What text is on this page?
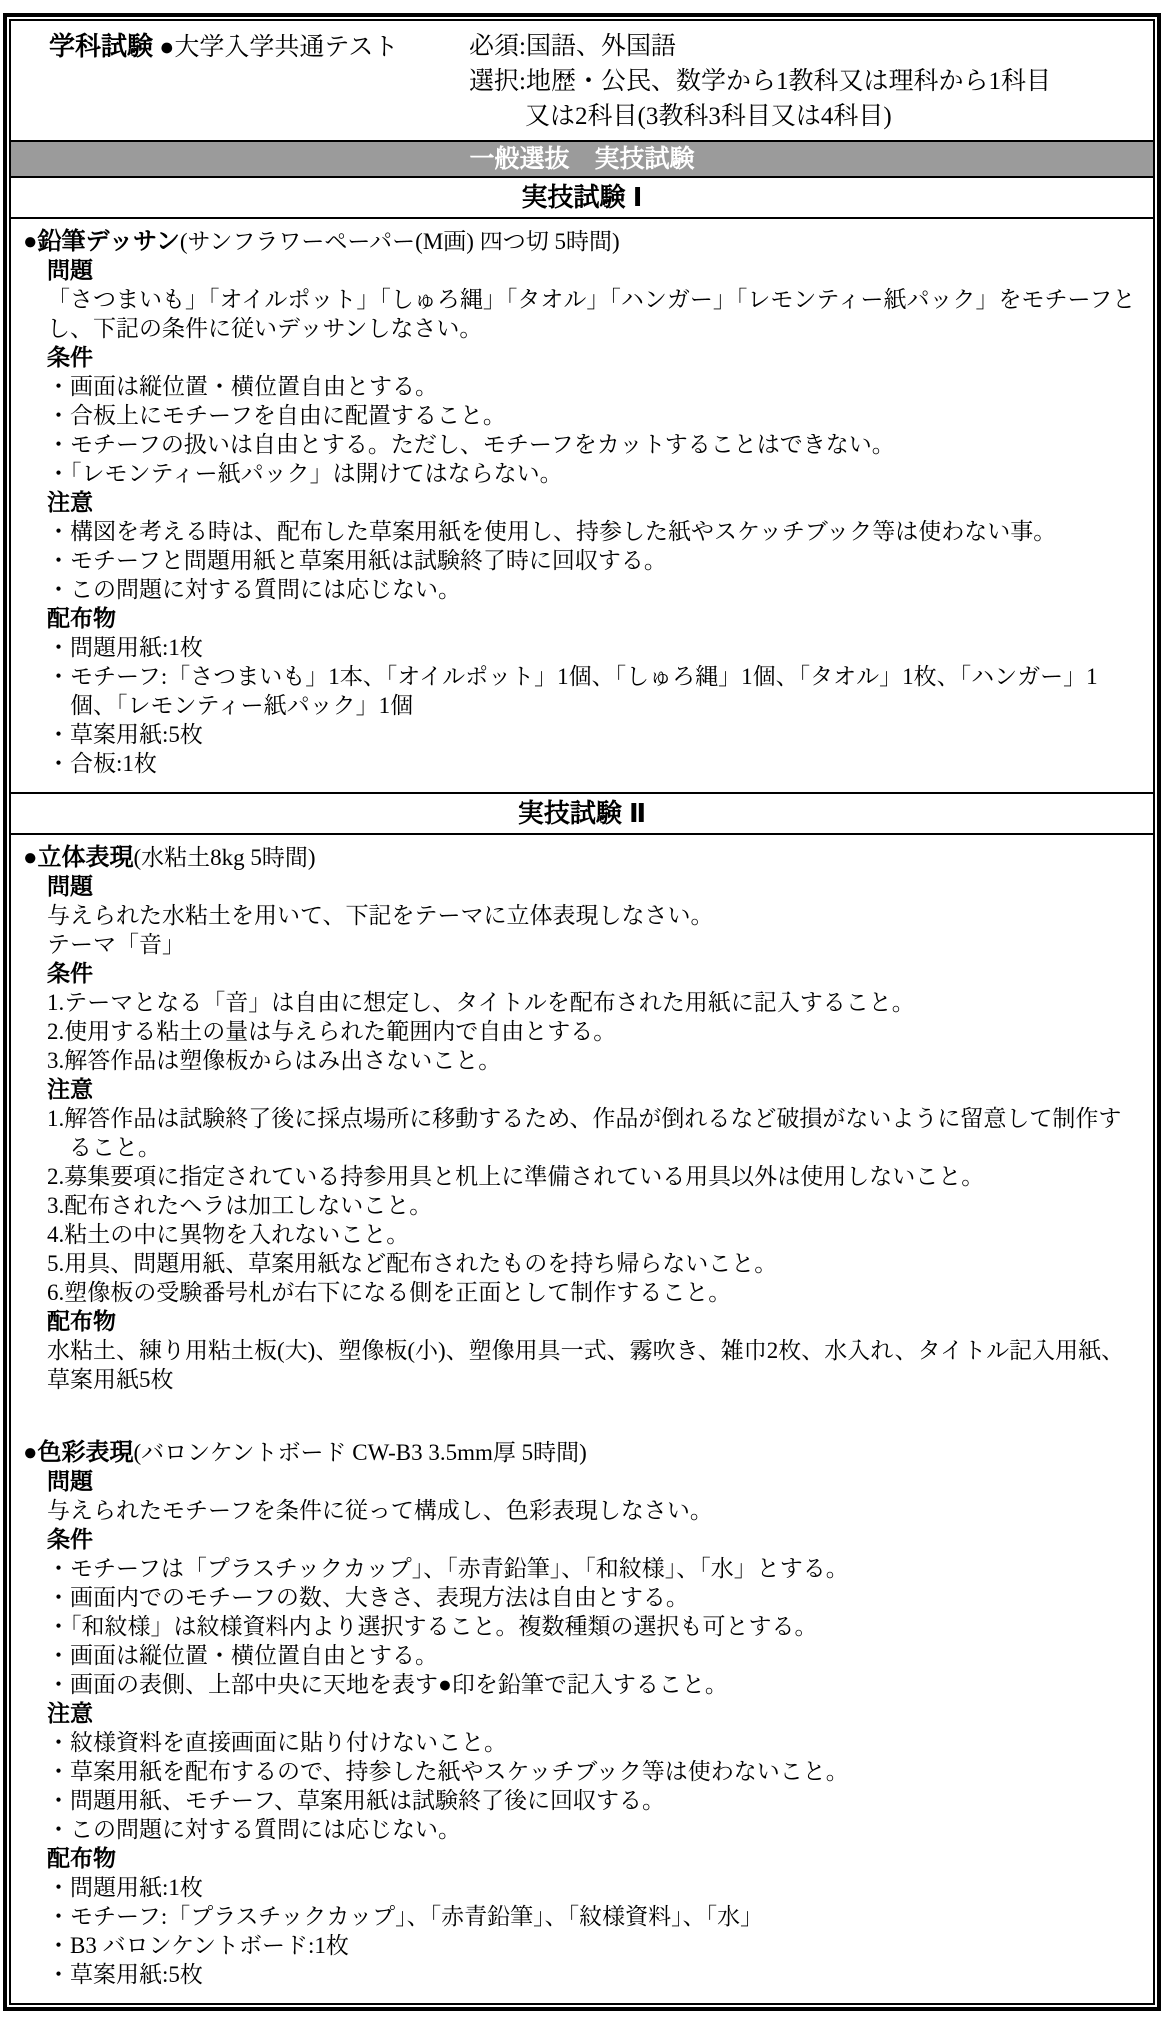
学科試験 ●大学入学共通テスト	必須:国語、外国語
選択:地歴・公民、数学から1教科又は理科から1科目
又は2科目(3教科3科目又は4科目)
一般選抜　実技試験
実技試験 Ⅰ
●鉛筆デッサン(サンフラワーペーパー(M画) 四つ切 5時間)
問題
「さつまいも」「オイルポット」「しゅろ縄」「タオル」「ハンガー」「レモンティー紙パック」をモチーフとし、下記の条件に従いデッサンしなさい。
条件
・画面は縦位置・横位置自由とする。
・合板上にモチーフを自由に配置すること。
・モチーフの扱いは自由とする。ただし、モチーフをカットすることはできない。
・「レモンティー紙パック」は開けてはならない。
注意
・構図を考える時は、配布した草案用紙を使用し、持参した紙やスケッチブック等は使わない事。
・モチーフと問題用紙と草案用紙は試験終了時に回収する。
・この問題に対する質問には応じない。
配布物
・問題用紙:1枚
・モチーフ:「さつまいも」1本、「オイルポット」1個、「しゅろ縄」1個、「タオル」1枚、「ハンガー」1個、「レモンティー紙パック」1個
・草案用紙:5枚
・合板:1枚
実技試験 Ⅱ
●立体表現(水粘土8kg 5時間)
問題
与えられた水粘土を用いて、下記をテーマに立体表現しなさい。
テーマ「音」
条件
1.テーマとなる「音」は自由に想定し、タイトルを配布された用紙に記入すること。
2.使用する粘土の量は与えられた範囲内で自由とする。
3.解答作品は塑像板からはみ出さないこと。
注意
1.解答作品は試験終了後に採点場所に移動するため、作品が倒れるなど破損がないように留意して制作すること。
2.募集要項に指定されている持参用具と机上に準備されている用具以外は使用しないこと。
3.配布されたヘラは加工しないこと。
4.粘土の中に異物を入れないこと。
5.用具、問題用紙、草案用紙など配布されたものを持ち帰らないこと。
6.塑像板の受験番号札が右下になる側を正面として制作すること。
配布物
水粘土、練り用粘土板(大)、塑像板(小)、塑像用具一式、霧吹き、雑巾2枚、水入れ、タイトル記入用紙、草案用紙5枚
●色彩表現(バロンケントボード CW-B3 3.5mm厚 5時間)
問題
与えられたモチーフを条件に従って構成し、色彩表現しなさい。
条件
・モチーフは「プラスチックカップ」、「赤青鉛筆」、「和紋様」、「水」とする。
・画面内でのモチーフの数、大きさ、表現方法は自由とする。
・「和紋様」は紋様資料内より選択すること。複数種類の選択も可とする。
・画面は縦位置・横位置自由とする。
・画面の表側、上部中央に天地を表す●印を鉛筆で記入すること。
注意
・紋様資料を直接画面に貼り付けないこと。
・草案用紙を配布するので、持参した紙やスケッチブック等は使わないこと。
・問題用紙、モチーフ、草案用紙は試験終了後に回収する。
・この問題に対する質問には応じない。
配布物
・問題用紙:1枚
・モチーフ:「プラスチックカップ」、「赤青鉛筆」、「紋様資料」、「水」
・B3 バロンケントボード:1枚
・草案用紙:5枚
